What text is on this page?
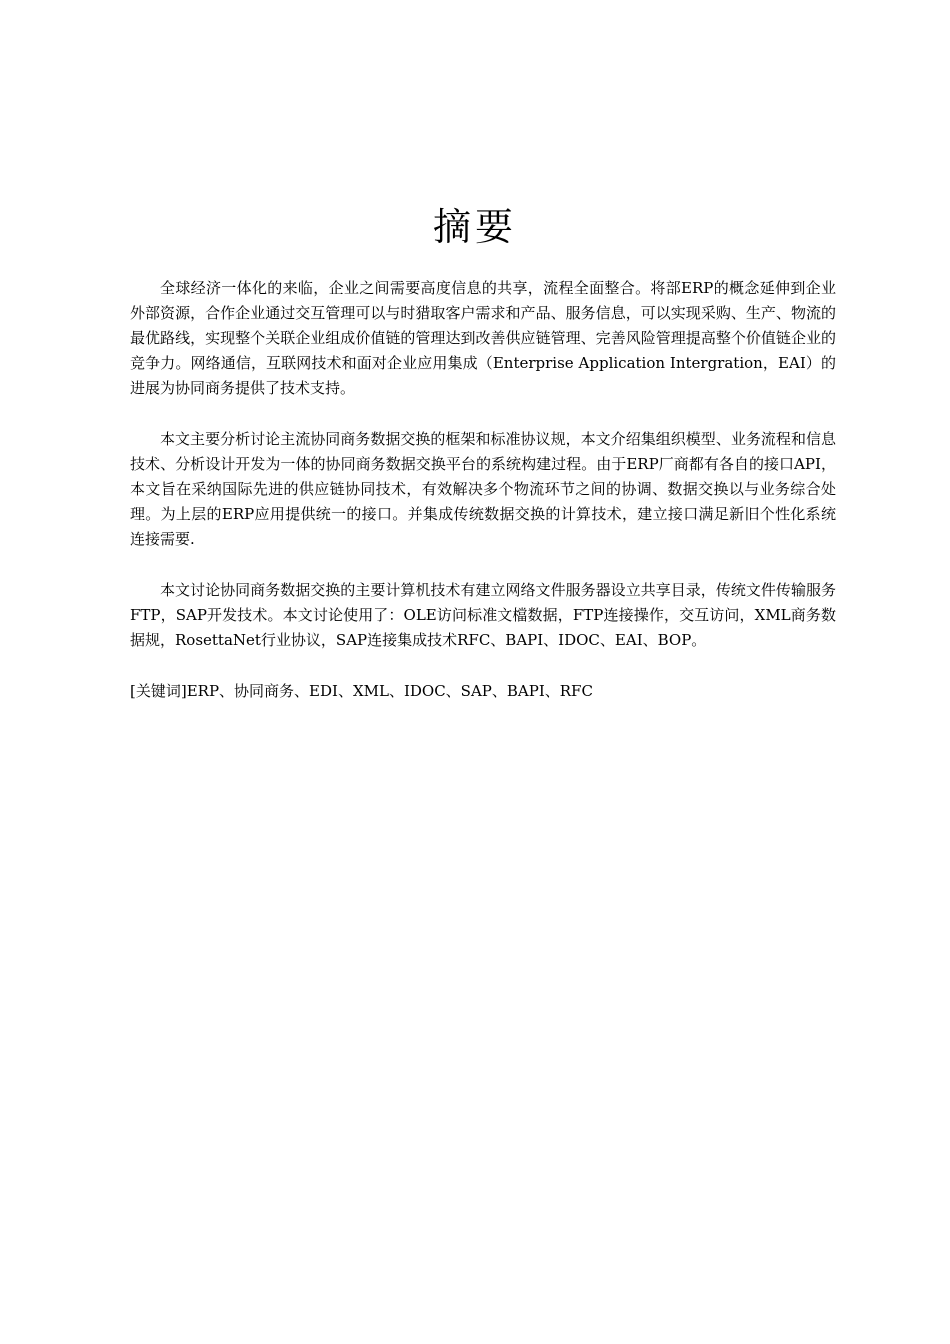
摘要

全球经济一体化的来临，企业之间需要高度信息的共享，流程全面整合。将部ERP的概念延伸到企业外部资源，合作企业通过交互管理可以与时猎取客户需求和产品、服务信息，可以实现采购、生产、物流的最优路线，实现整个关联企业组成价值链的管理达到改善供应链管理、完善风险管理提高整个价值链企业的竞争力。网络通信，互联网技术和面对企业应用集成（Enterprise Application Intergration，EAI）的进展为协同商务提供了技术支持。

本文主要分析讨论主流协同商务数据交换的框架和标准协议规，本文介绍集组织模型、业务流程和信息技术、分析设计开发为一体的协同商务数据交换平台的系统构建过程。由于ERP厂商都有各自的接口API，本文旨在采纳国际先进的供应链协同技术，有效解决多个物流环节之间的协调、数据交换以与业务综合处理。为上层的ERP应用提供统一的接口。并集成传统数据交换的计算技术，建立接口满足新旧个性化系统连接需要.

本文讨论协同商务数据交换的主要计算机技术有建立网络文件服务器设立共享目录，传统文件传输服务FTP，SAP开发技术。本文讨论使用了：OLE访问标准文檔数据，FTP连接操作，交互访问，XML商务数据规，RosettaNet行业协议，SAP连接集成技术RFC、BAPI、IDOC、EAI、BOP。

[关键词]ERP、协同商务、EDI、XML、IDOC、SAP、BAPI、RFC
